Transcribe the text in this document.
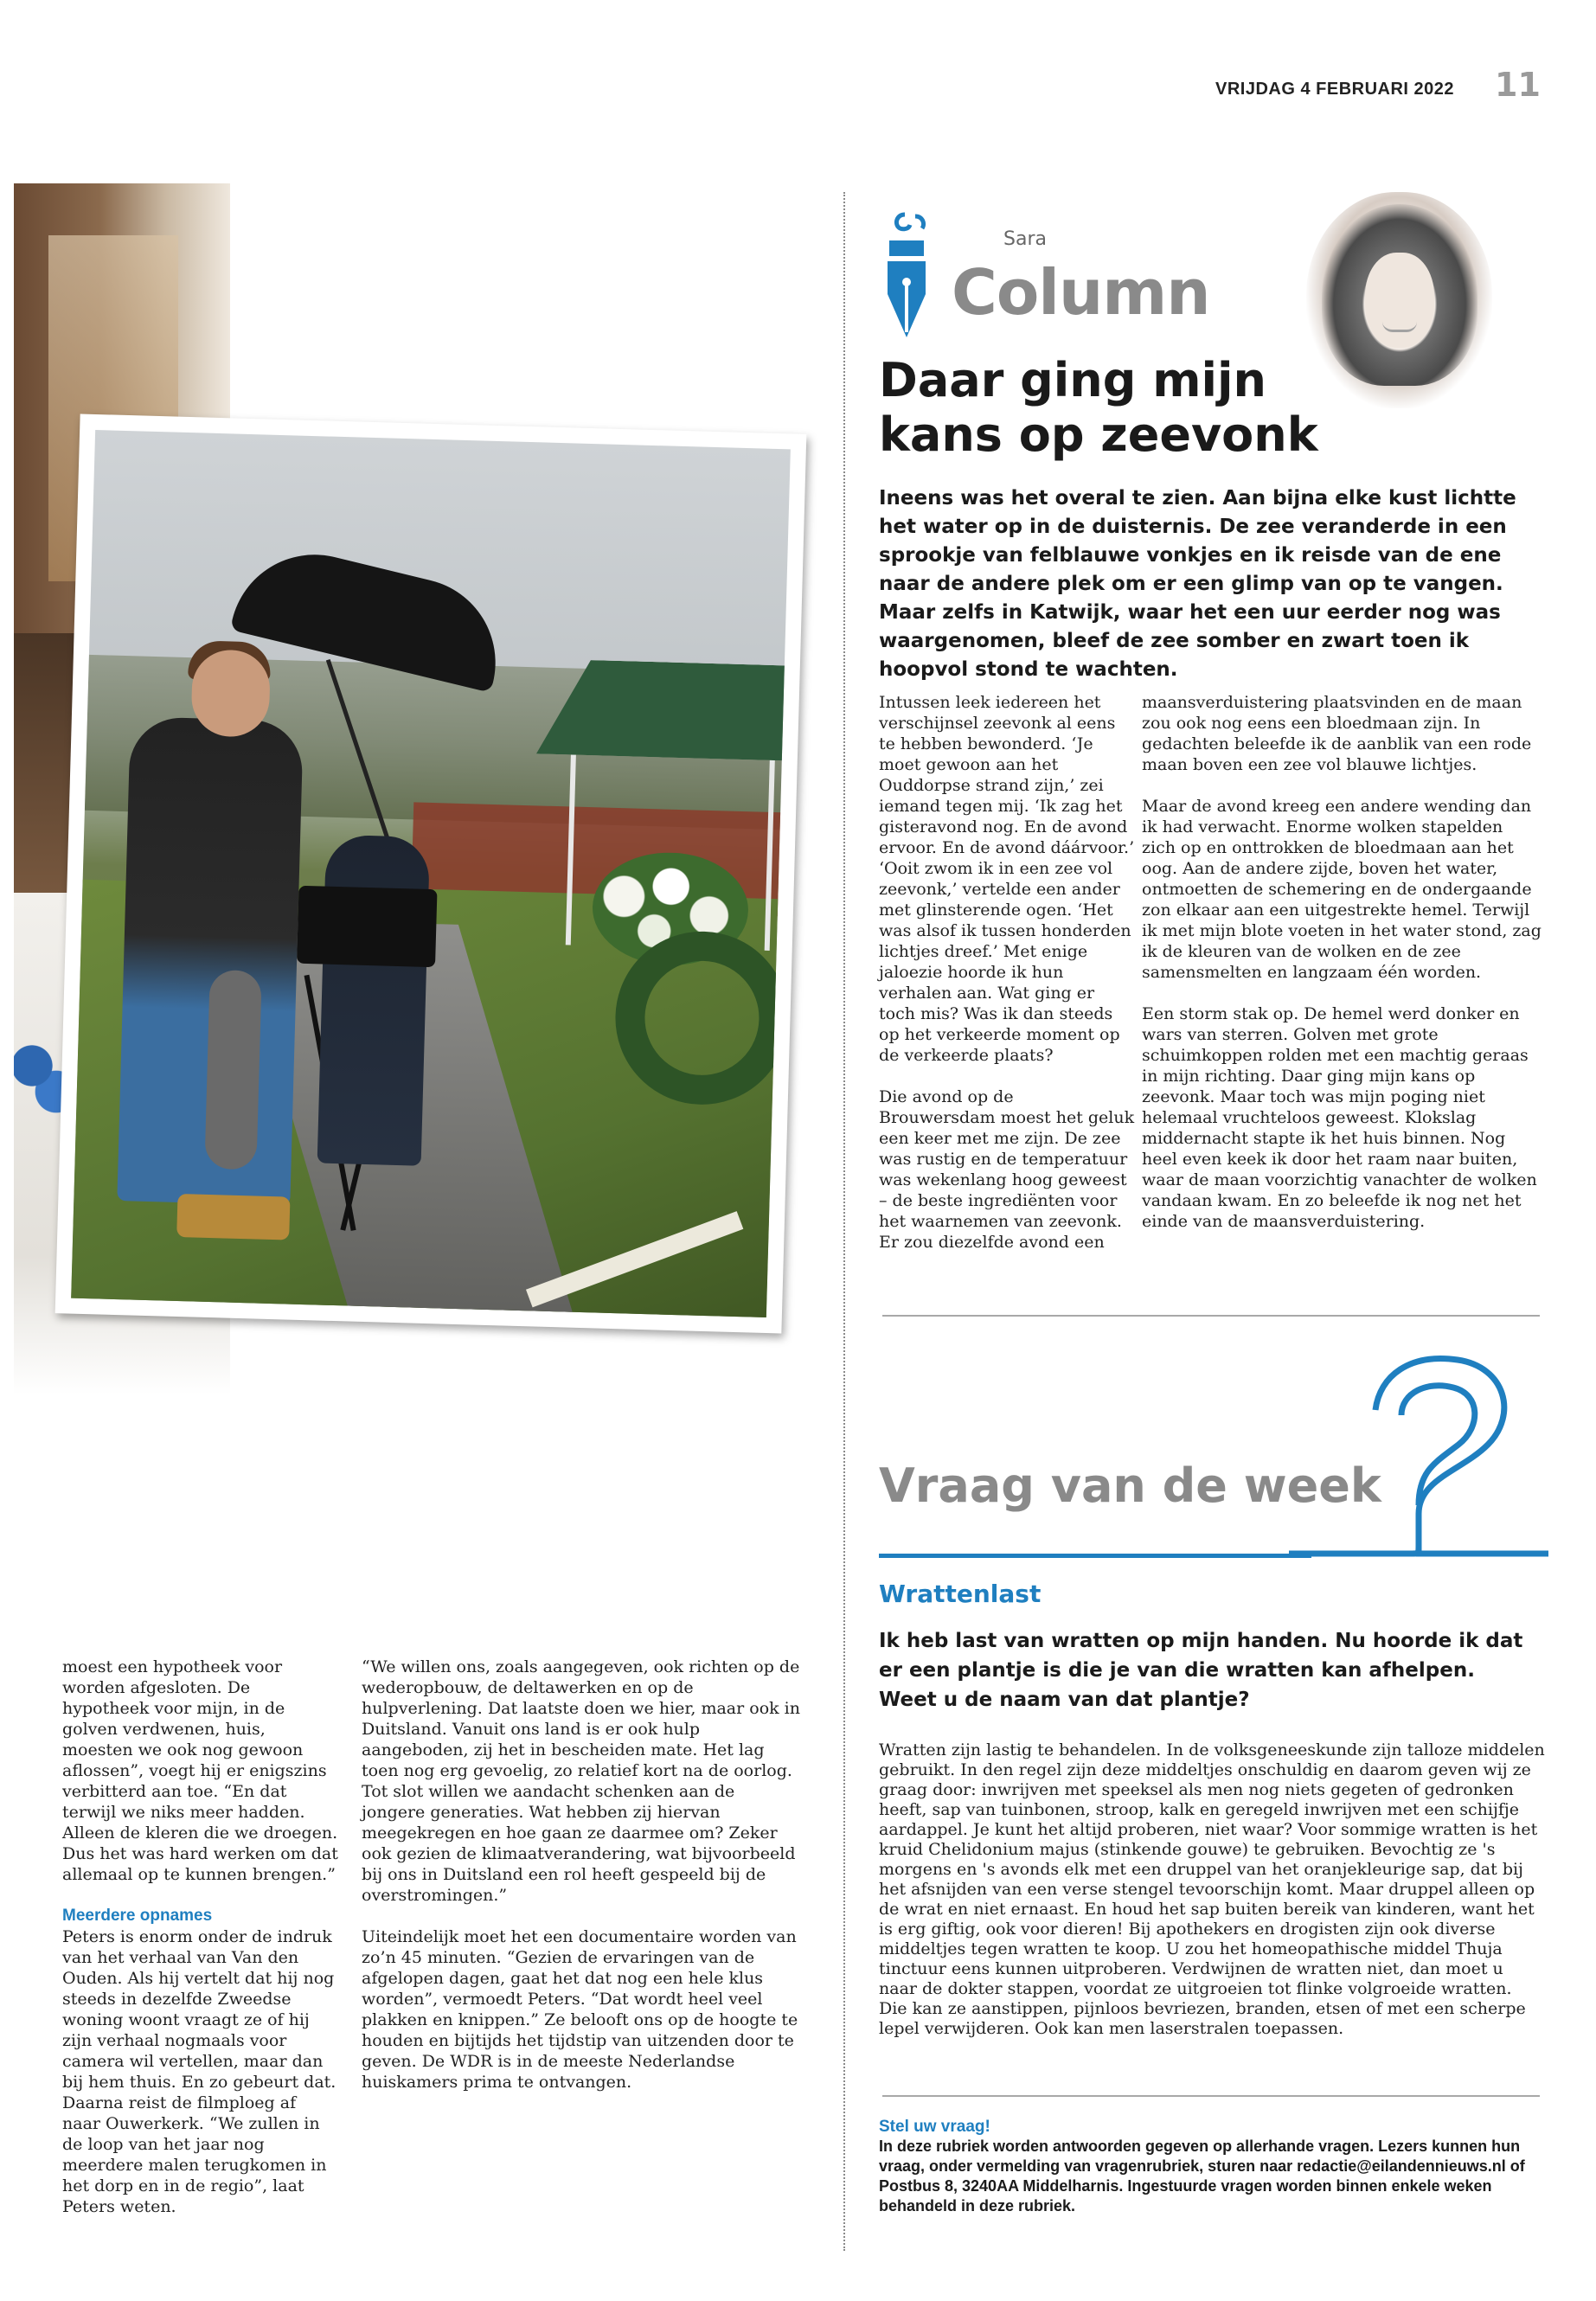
VRIJDAG 4 FEBRUARI 2022 11
Sara
Column
Daar ging mijn
kans op zeevonk
Ineens was het overal te zien. Aan bijna elke kust lichtte het water op in de duisternis. De zee veranderde in een sprookje van felblauwe vonkjes en ik reisde van de ene naar de andere plek om er een glimp van op te vangen. Maar zelfs in Katwijk, waar het een uur eerder nog was waargenomen, bleef de zee somber en zwart toen ik hoopvol stond te wachten.

Intussen leek iedereen het verschijnsel zeevonk al eens te hebben bewonderd. ‘Je moet gewoon aan het Ouddorpse strand zijn,’ zei iemand tegen mij. ‘Ik zag het gisteravond nog. En de avond ervoor. En de avond dáárvoor.’ ‘Ooit zwom ik in een zee vol zeevonk,’ vertelde een ander met glinsterende ogen. ‘Het was alsof ik tussen honderden lichtjes dreef.’ Met enige jaloezie hoorde ik hun verhalen aan. Wat ging er toch mis? Was ik dan steeds op het verkeerde moment op de verkeerde plaats?

Die avond op de Brouwersdam moest het geluk een keer met me zijn. De zee was rustig en de temperatuur was wekenlang hoog geweest – de beste ingrediënten voor het waarnemen van zeevonk. Er zou diezelfde avond een

maansverduistering plaatsvinden en de maan zou ook nog eens een bloedmaan zijn. In gedachten beleefde ik de aanblik van een rode maan boven een zee vol blauwe lichtjes.

Maar de avond kreeg een andere wending dan ik had verwacht. Enorme wolken stapelden zich op en onttrokken de bloedmaan aan het oog. Aan de andere zijde, boven het water, ontmoetten de schemering en de ondergaande zon elkaar aan een uitgestrekte hemel. Terwijl ik met mijn blote voeten in het water stond, zag ik de kleuren van de wolken en de zee samensmelten en langzaam één worden.

Een storm stak op. De hemel werd donker en wars van sterren. Golven met grote schuimkoppen rolden met een machtig geraas in mijn richting. Daar ging mijn kans op zeevonk. Maar toch was mijn poging niet helemaal vruchteloos geweest. Klokslag middernacht stapte ik het huis binnen. Nog heel even keek ik door het raam naar buiten, waar de maan voorzichtig vanachter de wolken vandaan kwam. En zo beleefde ik nog net het einde van de maansverduistering.

Vraag van de week
Wrattenlast
Ik heb last van wratten op mijn handen. Nu hoorde ik dat er een plantje is die je van die wratten kan afhelpen. Weet u de naam van dat plantje?
Wratten zijn lastig te behandelen. In de volksgeneeskunde zijn talloze middelen gebruikt. In den regel zijn deze middeltjes onschuldig en daarom geven wij ze graag door: inwrijven met speeksel als men nog niets gegeten of gedronken heeft, sap van tuinbonen, stroop, kalk en geregeld inwrijven met een schijfje aardappel. Je kunt het altijd proberen, niet waar? Voor sommige wratten is het kruid Chelidonium majus (stinkende gouwe) te gebruiken. Bevochtig ze 's morgens en 's avonds elk met een druppel van het oranjekleurige sap, dat bij het afsnijden van een verse stengel tevoorschijn komt. Maar druppel alleen op de wrat en niet ernaast. En houd het sap buiten bereik van kinderen, want het is erg giftig, ook voor dieren! Bij apothekers en drogisten zijn ook diverse middeltjes tegen wratten te koop. U zou het homeopathische middel Thuja tinctuur eens kunnen uitproberen. Verdwijnen de wratten niet, dan moet u naar de dokter stappen, voordat ze uitgroeien tot flinke volgroeide wratten. Die kan ze aanstippen, pijnloos bevriezen, branden, etsen of met een scherpe lepel verwijderen. Ook kan men laserstralen toepassen.
Stel uw vraag!
In deze rubriek worden antwoorden gegeven op allerhande vragen. Lezers kunnen hun vraag, onder vermelding van vragenrubriek, sturen naar redactie@eilandennieuws.nl of Postbus 8, 3240AA Middelharnis. Ingestuurde vragen worden binnen enkele weken behandeld in deze rubriek.

moest een hypotheek voor worden afgesloten. De hypotheek voor mijn, in de golven verdwenen, huis, moesten we ook nog gewoon aflossen”, voegt hij er enigszins verbitterd aan toe. “En dat terwijl we niks meer hadden. Alleen de kleren die we droegen. Dus het was hard werken om dat allemaal op te kunnen brengen.”

Meerdere opnames

Peters is enorm onder de indruk van het verhaal van Van den Ouden. Als hij vertelt dat hij nog steeds in dezelfde Zweedse woning woont vraagt ze of hij zijn verhaal nogmaals voor camera wil vertellen, maar dan bij hem thuis. En zo gebeurt dat.

Daarna reist de filmploeg af naar Ouwerkerk. “We zullen in de loop van het jaar nog meerdere malen terugkomen in het dorp en in de regio”, laat Peters weten.

“We willen ons, zoals aangegeven, ook richten op de wederopbouw, de deltawerken en op de hulpverlening. Dat laatste doen we hier, maar ook in Duitsland. Vanuit ons land is er ook hulp aangeboden, zij het in bescheiden mate. Het lag toen nog erg gevoelig, zo relatief kort na de oorlog. Tot slot willen we aandacht schenken aan de jongere generaties. Wat hebben zij hiervan meegekregen en hoe gaan ze daarmee om? Zeker ook gezien de klimaatverandering, wat bijvoorbeeld bij ons in Duitsland een rol heeft gespeeld bij de overstromingen.”

Uiteindelijk moet het een documentaire worden van zo’n 45 minuten. “Gezien de ervaringen van de afgelopen dagen, gaat het dat nog een hele klus worden”, vermoedt Peters. “Dat wordt heel veel plakken en knippen.” Ze belooft ons op de hoogte te houden en bijtijds het tijdstip van uitzenden door te geven. De WDR is in de meeste Nederlandse huiskamers prima te ontvangen.
